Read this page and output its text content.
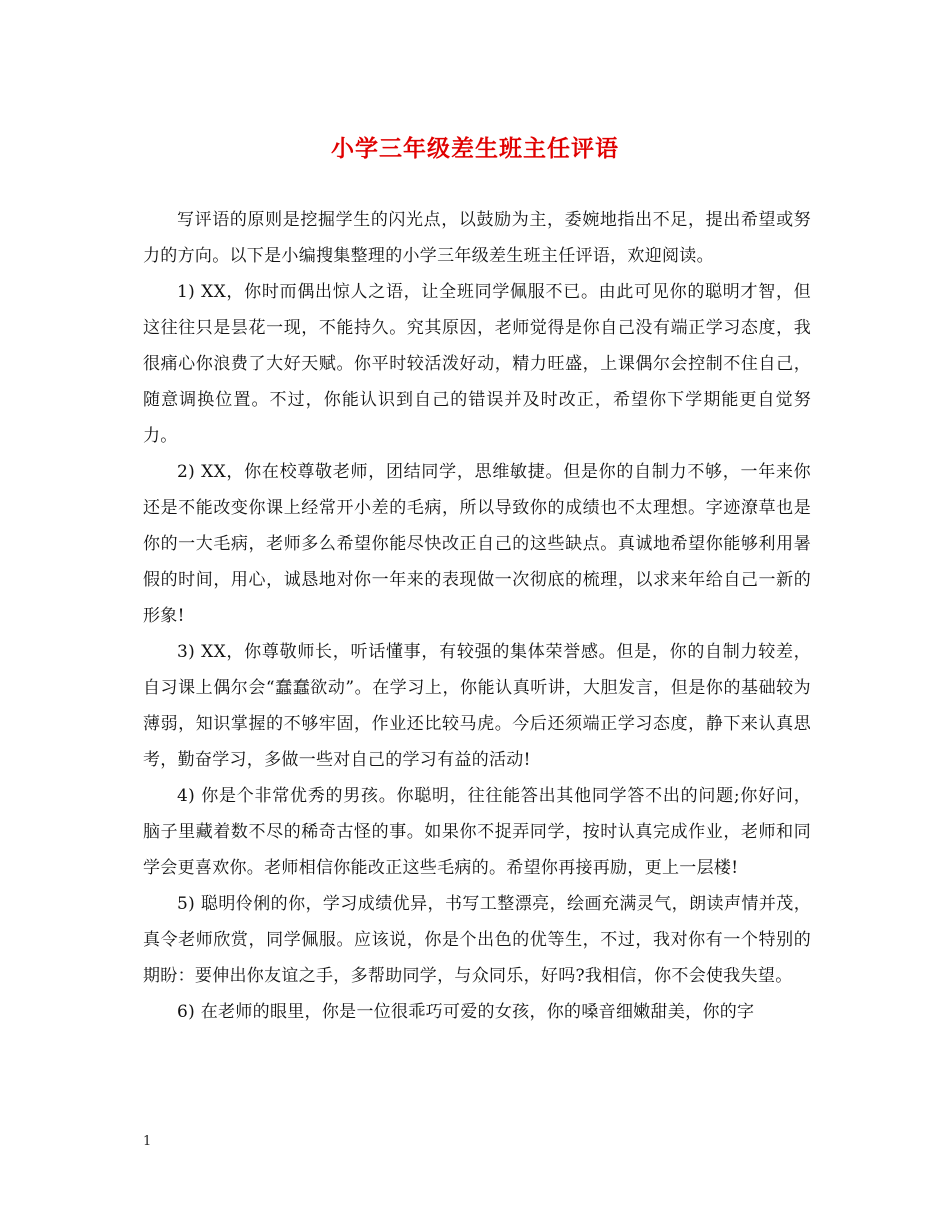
小学三年级差生班主任评语

写评语的原则是挖掘学生的闪光点，以鼓励为主，委婉地指出不足，提出希望或努力的方向。以下是小编搜集整理的小学三年级差生班主任评语，欢迎阅读。

1) XX，你时而偶出惊人之语，让全班同学佩服不已。由此可见你的聪明才智，但这往往只是昙花一现，不能持久。究其原因，老师觉得是你自己没有端正学习态度，我很痛心你浪费了大好天赋。你平时较活泼好动，精力旺盛，上课偶尔会控制不住自己，随意调换位置。不过，你能认识到自己的错误并及时改正，希望你下学期能更自觉努力。

2) XX，你在校尊敬老师，团结同学，思维敏捷。但是你的自制力不够，一年来你还是不能改变你课上经常开小差的毛病，所以导致你的成绩也不太理想。字迹潦草也是你的一大毛病，老师多么希望你能尽快改正自己的这些缺点。真诚地希望你能够利用暑假的时间，用心，诚恳地对你一年来的表现做一次彻底的梳理，以求来年给自己一新的形象!

3) XX，你尊敬师长，听话懂事，有较强的集体荣誉感。但是，你的自制力较差，自习课上偶尔会“蠢蠢欲动”。在学习上，你能认真听讲，大胆发言，但是你的基础较为薄弱，知识掌握的不够牢固，作业还比较马虎。今后还须端正学习态度，静下来认真思考，勤奋学习，多做一些对自己的学习有益的活动!

4) 你是个非常优秀的男孩。你聪明，往往能答出其他同学答不出的问题;你好问，脑子里藏着数不尽的稀奇古怪的事。如果你不捉弄同学，按时认真完成作业，老师和同学会更喜欢你。老师相信你能改正这些毛病的。希望你再接再励，更上一层楼!

5) 聪明伶俐的你，学习成绩优异，书写工整漂亮，绘画充满灵气，朗读声情并茂，真令老师欣赏，同学佩服。应该说，你是个出色的优等生，不过，我对你有一个特别的期盼：要伸出你友谊之手，多帮助同学，与众同乐，好吗?我相信，你不会使我失望。

6) 在老师的眼里，你是一位很乖巧可爱的女孩，你的嗓音细嫩甜美，你的字

1
